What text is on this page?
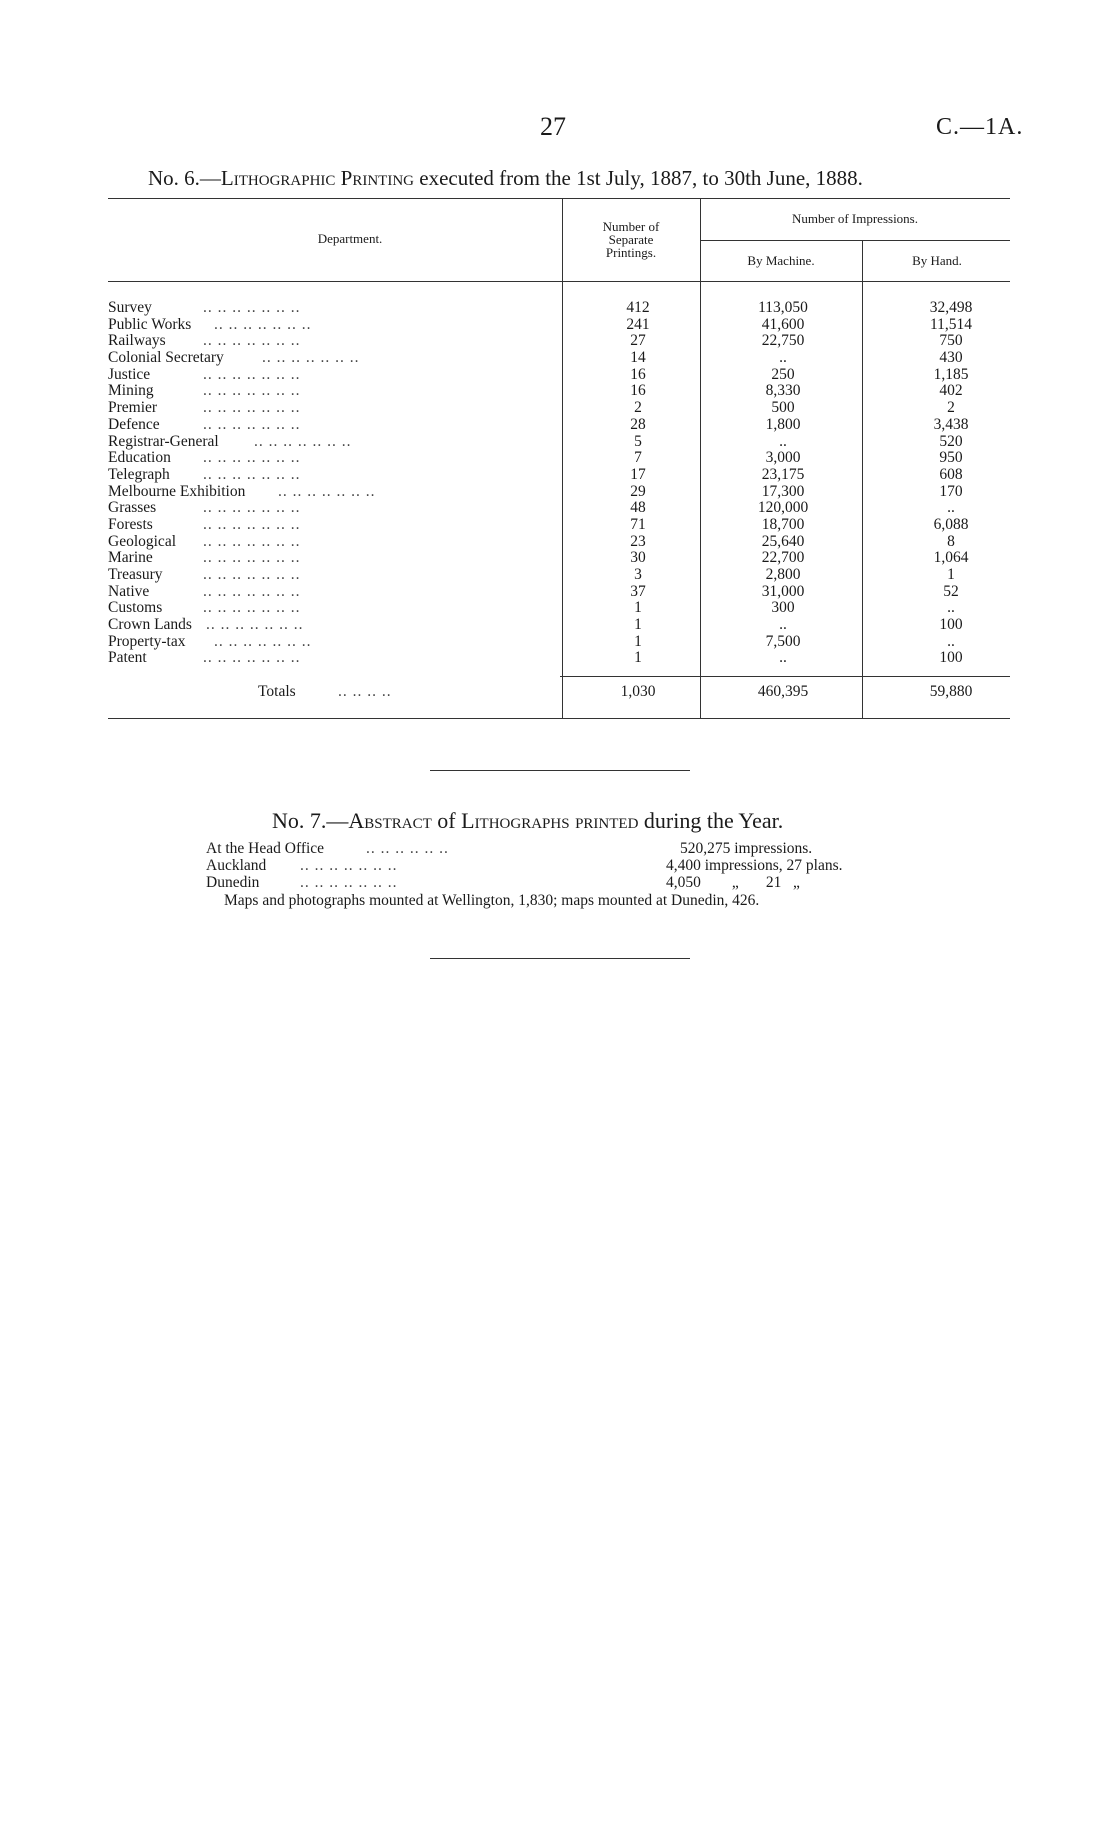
27	C.—1A.
No. 6.—Lithographic Printing executed from the 1st July, 1887, to 30th June, 1888.
Department.
Number of
Separate
Printings.
Number of Impressions.
By Machine.	By Hand.
Survey	.. .. .. .. .. .. ..	412	113,050	32,498
Public Works .. .. .. .. .. .. ..	241	41,600	11,514
Railways .. .. .. .. .. .. ..	27	22,750	750
Colonial Secretary .. .. .. .. .. .. ..	14	..	430
Justice	.. .. .. .. .. .. ..	16	250	1,185
Mining	.. .. .. .. .. .. ..	16	8,330	402
Premier	.. .. .. .. .. .. ..	2	500	2
Defence	.. .. .. .. .. .. ..	28	1,800	3,438
Registrar-General .. .. .. .. .. .. ..	5	..	520
Education .. .. .. .. .. .. ..	7	3,000	950
Telegraph .. .. .. .. .. .. ..	17	23,175	608
Melbourne Exhibition .. .. .. .. .. .. ..	29	17,300	170
Grasses	.. .. .. .. .. .. ..	48	120,000	..
Forests	.. .. .. .. .. .. ..	71	18,700	6,088
Geological .. .. .. .. .. .. ..	23	25,640	8
Marine	.. .. .. .. .. .. ..	30	22,700	1,064
Treasury	.. .. .. .. .. .. ..	3	2,800	1
Native	.. .. .. .. .. .. ..	37	31,000	52
Customs	.. .. .. .. .. .. ..	1	300	..
Crown Lands .. .. .. .. .. .. ..	1	..	100
Property-tax .. .. .. .. .. .. ..	1	7,500	..
Patent	.. .. .. .. .. .. ..	1	..	100
Totals	.. .. .. ..	1,030	460,395	59,880
No. 7.—Abstract of Lithographs printed during the Year.
At the Head Office	.. .. .. .. .. ..	520,275 impressions.
Auckland .. .. .. .. .. .. ..	4,400 impressions, 27 plans.
Dunedin	.. .. .. .. .. .. ..	4,050        „       21   „
Maps and photographs mounted at Wellington, 1,830; maps mounted at Dunedin, 426.
